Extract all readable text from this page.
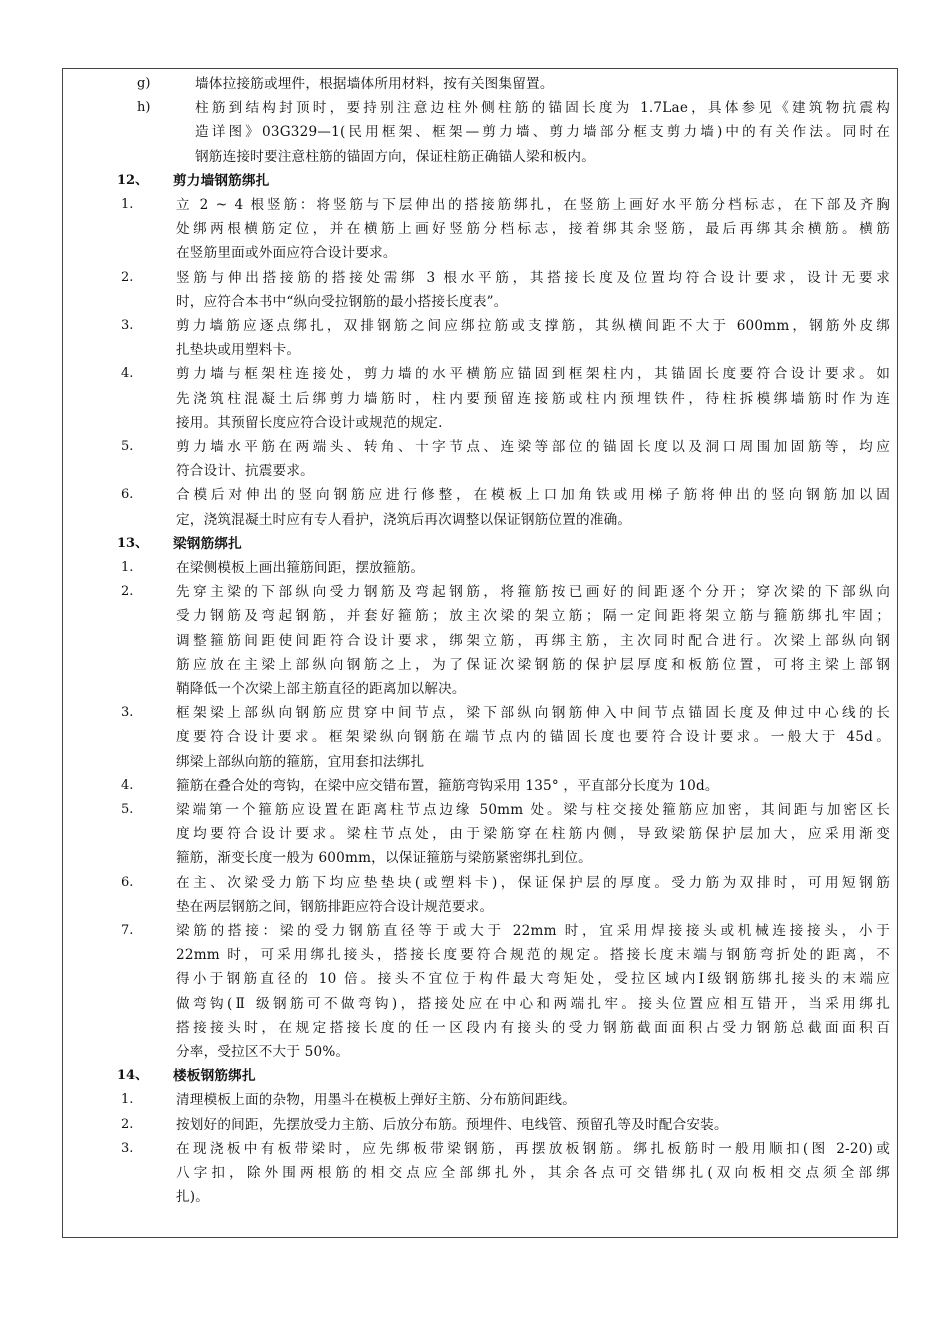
g)	墙体拉接筋或埋件，根据墙体所用材料，按有关图集留置。
h)	柱筋到结构封顶时，要持别注意边柱外侧柱筋的锚固长度为 1.7Lae，具体参见《建筑物抗震构
造详图》03G329—1(民用框架、框架—剪力墙、剪力墙部分框支剪力墙)中的有关作法。同时在
钢筋连接时要注意柱筋的锚固方向，保证柱筋正确锚人梁和板内。
12、 剪力墙钢筋绑扎
1.	立 2 ~ 4 根竖筋：将竖筋与下层伸出的搭接筋绑扎，在竖筋上画好水平筋分档标志，在下部及齐胸
处绑两根横筋定位，并在横筋上画好竖筋分档标志，接着绑其余竖筋，最后再绑其余横筋。横筋
在竖筋里面或外面应符合设计要求。
2.	竖筋与伸出搭接筋的搭接处需绑 3 根水平筋，其搭接长度及位置均符合设计要求，设计无要求
时，应符合本书中“纵向受拉钢筋的最小搭接长度表”。
3.	剪力墙筋应逐点绑扎，双排钢筋之间应绑拉筋或支撑筋，其纵横间距不大于 600mm，钢筋外皮绑
扎垫块或用塑料卡。
4.	剪力墙与框架柱连接处，剪力墙的水平横筋应锚固到框架柱内，其锚固长度要符合设计要求。如
先浇筑柱混凝土后绑剪力墙筋时，柱内要预留连接筋或柱内预埋铁件，待柱拆模绑墙筋时作为连
接用。其预留长度应符合设计或规范的规定.
5.	剪力墙水平筋在两端头、转角、十字节点、连梁等部位的锚固长度以及洞口周围加固筋等，均应
符合设计、抗震要求。
6.	合模后对伸出的竖向钢筋应进行修整，在模板上口加角铁或用梯子筋将伸出的竖向钢筋加以固
定，浇筑混凝土时应有专人看护，浇筑后再次调整以保证钢筋位置的准确。
13、 梁钢筋绑扎
1.	在梁侧模板上画出箍筋间距，摆放箍筋。
2.	先穿主梁的下部纵向受力钢筋及弯起钢筋，将箍筋按已画好的间距逐个分开；穿次梁的下部纵向
受力钢筋及弯起钢筋，并套好箍筋；放主次梁的架立筋；隔一定间距将架立筋与箍筋绑扎牢固；
调整箍筋间距使间距符合设计要求，绑架立筋，再绑主筋，主次同时配合进行。次梁上部纵向钢
筋应放在主梁上部纵向钢筋之上，为了保证次梁钢筋的保护层厚度和板筋位置，可将主梁上部钢
鞘降低一个次梁上部主筋直径的距离加以解决。
3.	框架梁上部纵向钢筋应贯穿中间节点，梁下部纵向钢筋伸入中间节点锚固长度及伸过中心线的长
度要符合设计要求。框架梁纵向钢筋在端节点内的锚固长度也要符合设计要求。一般大于 45d。
绑梁上部纵向筋的箍筋，宜用套扣法绑扎
4.	箍筋在叠合处的弯钩，在梁中应交错布置，箍筋弯钩采用 135° ，平直部分长度为 10d。
5.	梁端第一个箍筋应设置在距离柱节点边缘 50mm 处。梁与柱交接处箍筋应加密，其间距与加密区长
度均要符合设计要求。梁柱节点处，由于梁筋穿在柱筋内侧，导致梁筋保护层加大，应采用渐变
箍筋，渐变长度一般为 600mm，以保证箍筋与梁筋紧密绑扎到位。
6.	在主、次梁受力筋下均应垫垫块(或塑料卡)，保证保护层的厚度。受力筋为双排时，可用短钢筋
垫在两层钢筋之间，钢筋排距应符合设计规范要求。
7.	梁筋的搭接：梁的受力钢筋直径等于或大于 22mm 时，宜采用焊接接头或机械连接接头，小于
22mm 时，可采用绑扎接头，搭接长度要符合规范的规定。搭接长度末端与钢筋弯折处的距离，不
得小于钢筋直径的 10 倍。接头不宜位于构件最大弯矩处，受拉区域内Ⅰ级钢筋绑扎接头的末端应
做弯钩(Ⅱ 级钢筋可不做弯钩)，搭接处应在中心和两端扎牢。接头位置应相互错开，当采用绑扎
搭接接头时，在规定搭接长度的任一区段内有接头的受力钢筋截面面积占受力钢筋总截面面积百
分率，受拉区不大于 50%。
14、 楼板钢筋绑扎
1.	清理模板上面的杂物，用墨斗在模板上弹好主筋、分布筋间距线。
2.	按划好的间距，先摆放受力主筋、后放分布筋。预埋件、电线管、预留孔等及时配合安装。
3.	在现浇板中有板带梁时，应先绑板带梁钢筋，再摆放板钢筋。绑扎板筋时一般用顺扣(图 2-20)或
八字扣，除外围两根筋的相交点应全部绑扎外，其余各点可交错绑扎(双向板相交点须全部绑
扎)。
